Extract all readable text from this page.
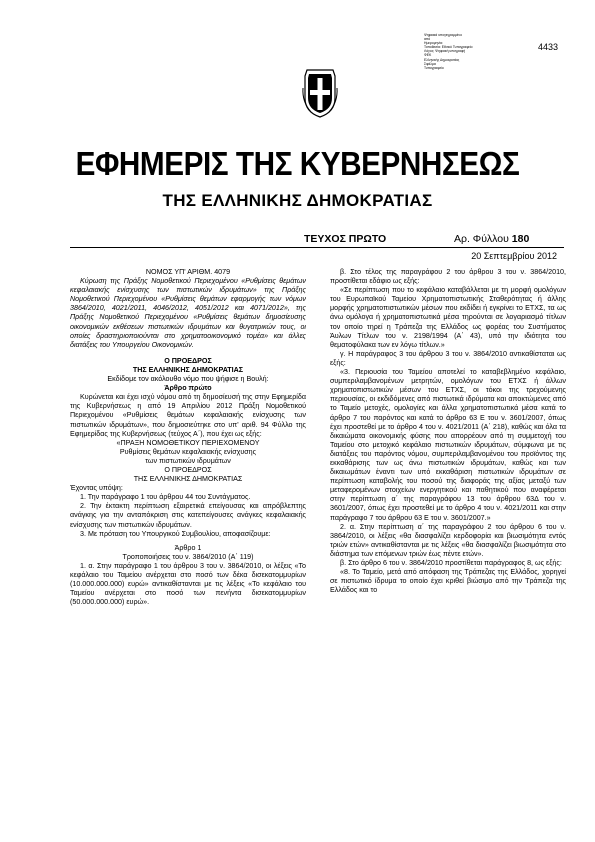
Ψηφιακά υπογεγραμμένο
από
Ημερομηνία:
Τοποθεσία: Εθνικό Τυπογραφείο
Λόγος: Ψηφιακή υπογραφή
ΦΕΚ
Ελληνικής Δημοκρατίας
Σφάλμα
Τυπογραφείο
4433
ΕΦΗΜΕΡΙΣ ΤΗΣ ΚΥΒΕΡΝΗΣΕΩΣ
ΤΗΣ ΕΛΛΗΝΙΚΗΣ ΔΗΜΟΚΡΑΤΙΑΣ
ΤΕΥΧΟΣ ΠΡΩΤΟ	Αρ. Φύλλου 180
20 Σεπτεμβρίου 2012

ΝΟΜΟΣ ΥΠ' ΑΡΙΘΜ. 4079

Κύρωση της Πράξης Νομοθετικού Περιεχομένου «Ρυθμίσεις θεμάτων κεφαλαιακής ενίσχυσης των πιστωτικών ιδρυμάτων» της Πράξης Νομοθετικού Περιεχομένου «Ρυθμίσεις θεμάτων εφαρμογής των νόμων 3864/2010, 4021/2011, 4046/2012, 4051/2012 και 4071/2012», της Πράξης Νομοθετικού Περιεχομένου «Ρυθμίσεις θεμάτων δημοσίευσης οικονομικών εκθέσεων πιστωτικών ιδρυμάτων και θυγατρικών τους, οι οποίες δραστηριοποιούνται στο χρηματοοικονομικό τομέα» και άλλες διατάξεις του Υπουργείου Οικονομικών.

Ο ΠΡΟΕΔΡΟΣ

ΤΗΣ ΕΛΛΗΝΙΚΗΣ ΔΗΜΟΚΡΑΤΙΑΣ

Εκδίδομε τον ακόλουθο νόμο που ψήφισε η Βουλή:

Άρθρο πρώτο

Κυρώνεται και έχει ισχύ νόμου από τη δημοσίευσή της στην Εφημερίδα της Κυβερνήσεως η από 19 Απριλίου 2012 Πράξη Νομοθετικού Περιεχομένου «Ρυθμίσεις θεμάτων κεφαλαιακής ενίσχυσης των πιστωτικών ιδρυμάτων», που δημοσιεύτηκε στο υπ' αριθ. 94 Φύλλο της Εφημερίδας της Κυβερνήσεως (τεύχος Α΄), που έχει ως εξής:

«ΠΡΑΞΗ ΝΟΜΟΘΕΤΙΚΟΥ ΠΕΡΙΕΧΟΜΕΝΟΥ

Ρυθμίσεις θεμάτων κεφαλαιακής ενίσχυσης

των πιστωτικών ιδρυμάτων

Ο ΠΡΟΕΔΡΟΣ

ΤΗΣ ΕΛΛΗΝΙΚΗΣ ΔΗΜΟΚΡΑΤΙΑΣ

Έχοντας υπόψη:

1. Την παράγραφο 1 του άρθρου 44 του Συντάγματος.

2. Την έκτακτη περίπτωση εξαιρετικά επείγουσας και απρόβλεπτης ανάγκης για την ανταπόκριση στις κατεπείγουσες ανάγκες κεφαλαιακής ενίσχυσης των πιστωτικών ιδρυμάτων.

3. Με πρόταση του Υπουργικού Συμβουλίου, αποφασίζουμε:

Άρθρο 1

Τροποποιήσεις του ν. 3864/2010 (Α΄ 119)

1. α. Στην παράγραφο 1 του άρθρου 3 του ν. 3864/2010, οι λέξεις «Το κεφάλαιο του Ταμείου ανέρχεται στο ποσό των δέκα δισεκατομμυρίων (10.000.000.000) ευρώ» αντικαθίστανται με τις λέξεις «Το κεφάλαιο του Ταμείου ανέρχεται στο ποσό των πενήντα δισεκατομμυρίων (50.000.000.000) ευρώ».

β. Στο τέλος της παραγράφου 2 του άρθρου 3 του ν. 3864/2010, προστίθεται εδάφιο ως εξής:

«Σε περίπτωση που το κεφάλαιο καταβάλλεται με τη μορφή ομολόγων του Ευρωπαϊκού Ταμείου Χρηματοπιστωτικής Σταθερότητας ή άλλης μορφής χρηματοπιστωτικών μέσων που εκδίδει ή εγκρίνει το ΕΤΧΣ, τα ως άνω ομόλογα ή χρηματοπιστωτικά μέσα τηρούνται σε λογαριασμό τίτλων τον οποίο τηρεί η Τράπεζα της Ελλάδος ως φορέας του Συστήματος Άυλων Τίτλων του ν. 2198/1994 (Α΄ 43), υπό την ιδιότητα του θεματοφύλακα των εν λόγω τίτλων.»

γ. Η παράγραφος 3 του άρθρου 3 του ν. 3864/2010 αντικαθίσταται ως εξής:

«3. Περιουσία του Ταμείου αποτελεί το καταβεβλημένο κεφάλαιο, συμπεριλαμβανομένων μετρητών, ομολόγων του ΕΤΧΣ ή άλλων χρηματοπιστωτικών μέσων του ΕΤΧΣ, οι τόκοι της τρεχούμενης περιουσίας, οι εκδιδόμενες από πιστωτικά ιδρύματα και αποκτώμενες από το Ταμείο μετοχές, ομολογίες και άλλα χρηματοπιστωτικά μέσα κατά το άρθρο 7 του παρόντος και κατά το άρθρο 63 Ε του ν. 3601/2007, όπως έχει προστεθεί με το άρθρο 4 του ν. 4021/2011 (Α΄ 218), καθώς και όλα τα δικαιώματα οικονομικής φύσης που απορρέουν από τη συμμετοχή του Ταμείου στο μετοχικό κεφάλαιο πιστωτικών ιδρυμάτων, σύμφωνα με τις διατάξεις του παρόντος νόμου, συμπεριλαμβανομένου του προϊόντος της εκκαθάρισης των ως άνω πιστωτικών ιδρυμάτων, καθώς και των δικαιωμάτων έναντι των υπό εκκαθάριση πιστωτικών ιδρυμάτων σε περίπτωση καταβολής του ποσού της διαφοράς της αξίας μεταξύ των μεταφερομένων στοιχείων ενεργητικού και παθητικού που αναφέρεται στην περίπτωση α΄ της παραγράφου 13 του άρθρου 63Δ του ν. 3601/2007, όπως έχει προστεθεί με το άρθρο 4 του ν. 4021/2011 και στην παράγραφο 7 του άρθρου 63 Ε του ν. 3601/2007.»

2. α. Στην περίπτωση α΄ της παραγράφου 2 του άρθρου 6 του ν. 3864/2010, οι λέξεις «θα διασφαλίζει κερδοφορία και βιωσιμότητα εντός τριών ετών» αντικαθίστανται με τις λέξεις «θα διασφαλίζει βιωσιμότητα στο διάστημα των επόμενων τριών έως πέντε ετών».

β. Στο άρθρο 6 του ν. 3864/2010 προστίθεται παράγραφος 8, ως εξής:

«8. Το Ταμείο, μετά από απόφαση της Τράπεζας της Ελλάδος, χορηγεί σε πιστωτικό ίδρυμα το οποίο έχει κριθεί βιώσιμο από την Τράπεζα της Ελλάδος και το
